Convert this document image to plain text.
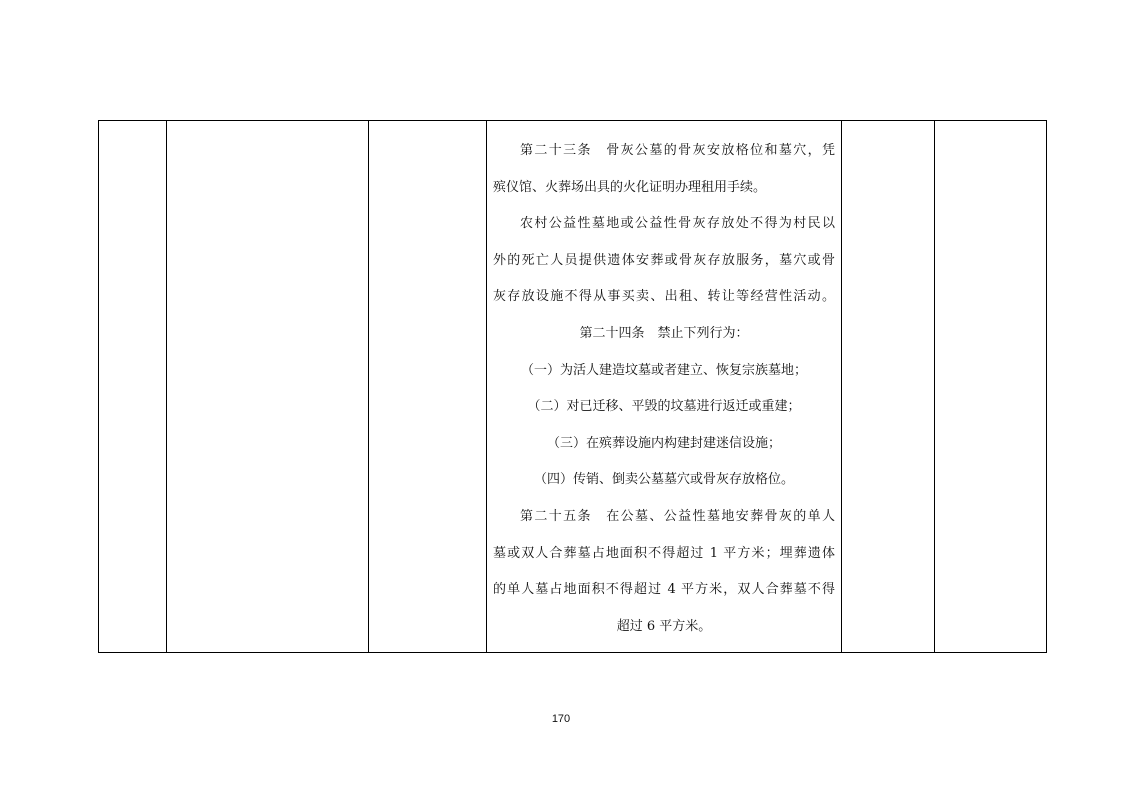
第二十三条　骨灰公墓的骨灰安放格位和墓穴，凭
殡仪馆、火葬场出具的火化证明办理租用手续。
农村公益性墓地或公益性骨灰存放处不得为村民以
外的死亡人员提供遗体安葬或骨灰存放服务，墓穴或骨
灰存放设施不得从事买卖、出租、转让等经营性活动。
第二十四条　禁止下列行为：
（一）为活人建造坟墓或者建立、恢复宗族墓地；
（二）对已迁移、平毁的坟墓进行返迁或重建；
（三）在殡葬设施内构建封建迷信设施；
（四）传销、倒卖公墓墓穴或骨灰存放格位。
第二十五条　在公墓、公益性墓地安葬骨灰的单人
墓或双人合葬墓占地面积不得超过 1 平方米；埋葬遗体
的单人墓占地面积不得超过 4 平方米，双人合葬墓不得
超过 6 平方米。

170
